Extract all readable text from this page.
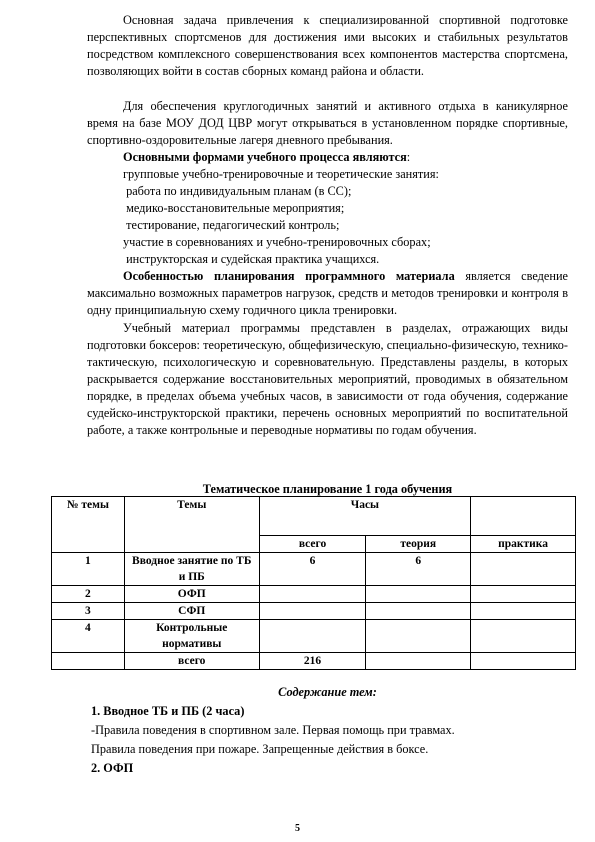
Основная задача привлечения к специализированной спортивной подготовке перспективных спортсменов для достижения ими высоких и стабильных результатов посредством комплексного совершенствования всех компонентов мастерства спортсмена, позволяющих войти в состав сборных команд района и области.

Для обеспечения круглогодичных занятий и активного отдыха в каникулярное время на базе МОУ ДОД ЦВР могут открываться в установленном порядке спортивные, спортивно-оздоровительные лагеря дневного пребывания.

Основными формами учебного процесса являются:

групповые учебно-тренировочные и теоретические занятия:

работа по индивидуальным планам (в СС);

медико-восстановительные мероприятия;

тестирование, педагогический контроль;

участие в соревнованиях и учебно-тренировочных сборах;

инструкторская и судейская практика учащихся.

Особенностью планирования программного материала является сведение максимально возможных параметров нагрузок, средств и методов тренировки и контроля в одну принципиальную схему годичного цикла тренировки.

Учебный материал программы представлен в разделах, отражающих виды подготовки боксеров: теоретическую, общефизическую, специально-физическую, технико-тактическую, психологическую и соревновательную. Представлены разделы, в которых раскрывается содержание восстановительных мероприятий, проводимых в обязательном порядке, в пределах объема учебных часов, в зависимости от года обучения, содержание судейско-инструкторской практики, перечень основных мероприятий по воспитательной работе, а также контрольные и переводные нормативы по годам обучения.

Тематическое планирование 1 года обучения
№ темы	Темы	Часы		
		всего	теория	практика
1	Вводное занятие по ТБ и ПБ	6	6	
2	ОФП			
3	СФП			
4	Контрольные нормативы			
	всего	216		
Содержание тем:

1. Вводное ТБ и ПБ (2 часа)

-Правила поведения в спортивном зале. Первая помощь при травмах.

Правила поведения при пожаре. Запрещенные действия в боксе.

2. ОФП

5
